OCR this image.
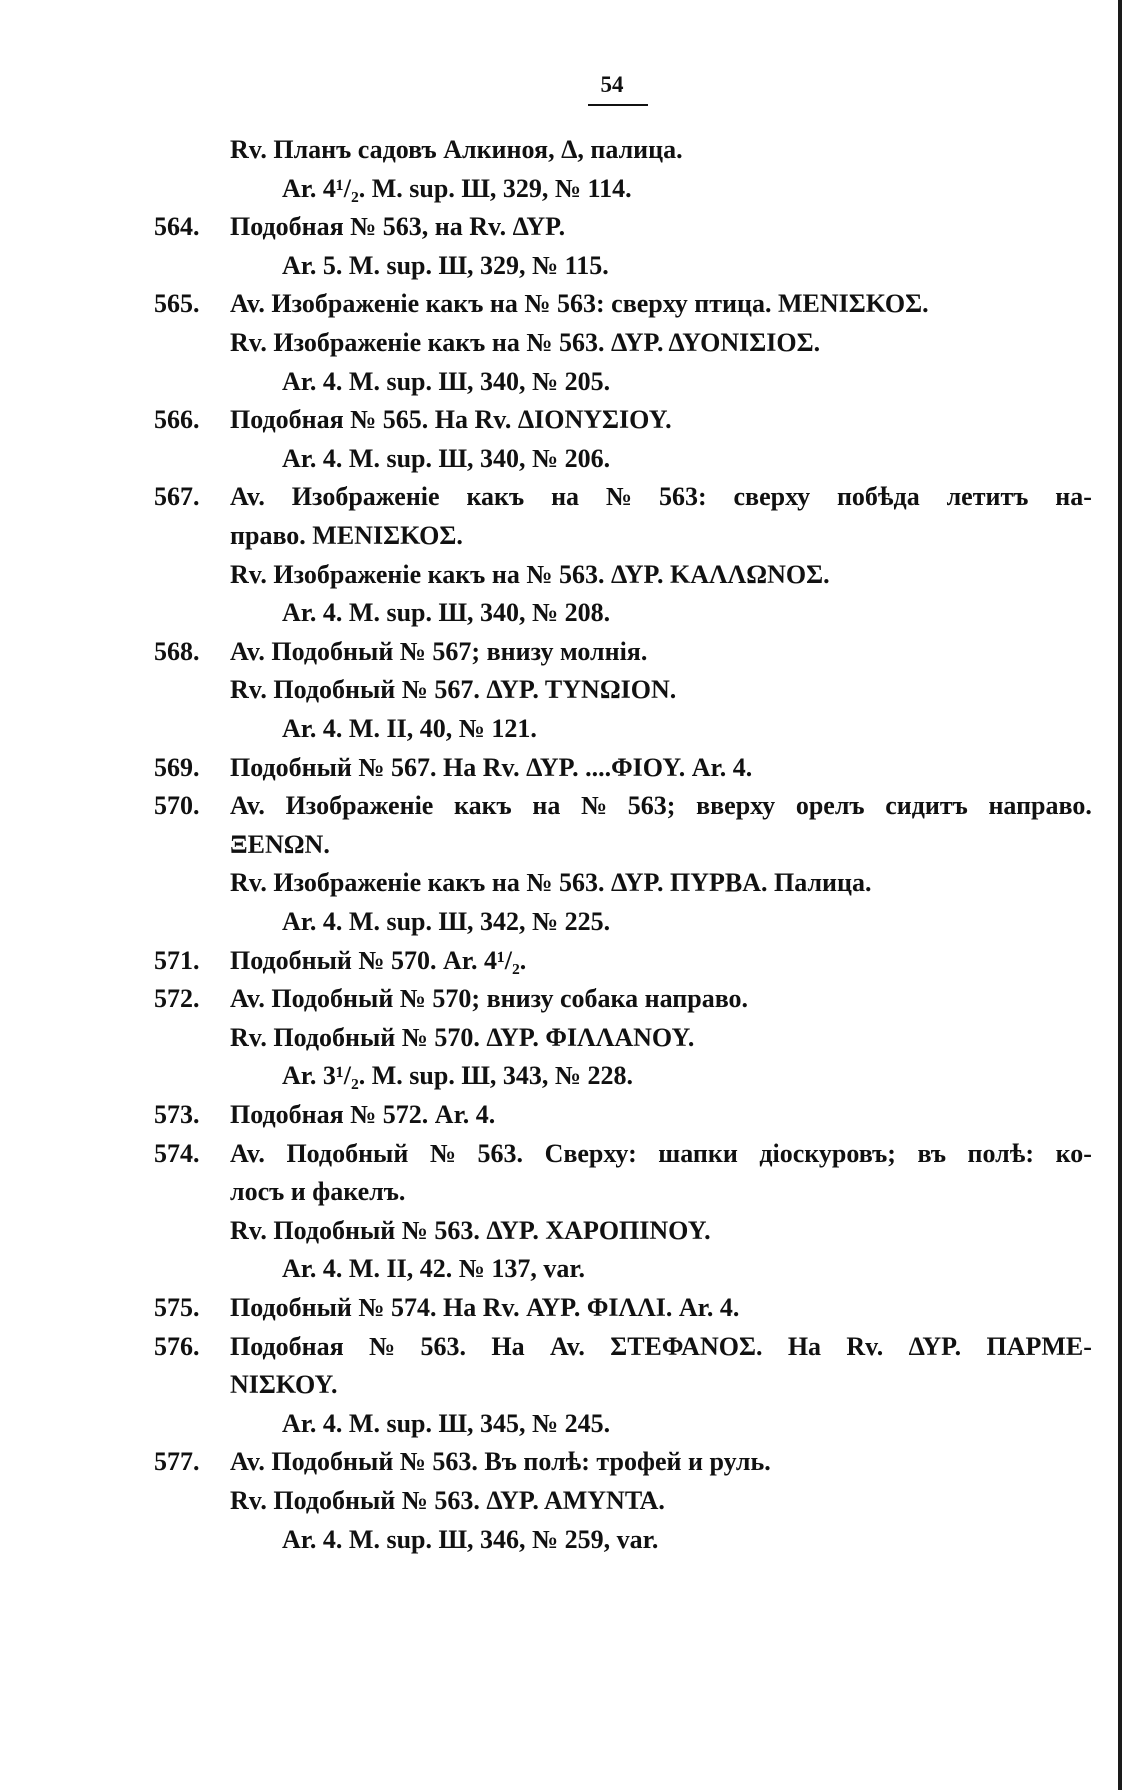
54
Rv. Планъ садовъ Алкиноя, Δ, палица.
Ar. 4¹/₂. M. sup. Ш, 329, № 114.
564. Подобная № 563, на Rv. ΔΥΡ.
Ar. 5. M. sup. Ш, 329, № 115.
565. Av. Изображеніе какъ на № 563: сверху птица. ΜΕΝΙΣΚΟΣ.
Rv. Изображеніе какъ на № 563. ΔΥΡ. ΔΥΟΝΙΣΙΟΣ.
Ar. 4. M. sup. Ш, 340, № 205.
566. Подобная № 565. На Rv. ΔΙΟΝΥΣΙΟΥ.
Ar. 4. M. sup. Ш, 340, № 206.
567. Av. Изображеніе какъ на № 563: сверху побѣда летитъ на-
право. ΜΕΝΙΣΚΟΣ.
Rv. Изображеніе какъ на № 563. ΔΥΡ. ΚΑΛΛΩΝΟΣ.
Ar. 4. M. sup. Ш, 340, № 208.
568. Av. Подобный № 567; внизу молнія.
Rv. Подобный № 567. ΔΥΡ. ΤΥΝΩΙΟΝ.
Ar. 4. M. II, 40, № 121.
569. Подобный № 567. На Rv. ΔΥΡ. ....ΦΙΟΥ. Ar. 4.
570. Av. Изображеніе какъ на № 563; вверху орелъ сидитъ направо.
ΞΕΝΩΝ.
Rv. Изображеніе какъ на № 563. ΔΥΡ. ΠΥΡΒΑ. Палица.
Ar. 4. M. sup. Ш, 342, № 225.
571. Подобный № 570. Ar. 4¹/₂.
572. Av. Подобный № 570; внизу собака направо.
Rv. Подобный № 570. ΔΥΡ. ΦΙΛΛΑΝΟΥ.
Ar. 3¹/₂. M. sup. Ш, 343, № 228.
573. Подобная № 572. Ar. 4.
574. Av. Подобный № 563. Сверху: шапки діоскуровъ; въ полѣ: ко-
лосъ и факелъ.
Rv. Подобный № 563. ΔΥΡ. ΧΑΡΟΠΙΝΟΥ.
Ar. 4. M. II, 42. № 137, var.
575. Подобный № 574. На Rv. ΑΥΡ. ΦΙΛΛΙ. Ar. 4.
576. Подобная № 563. На Av. ΣΤΕΦΑΝΟΣ. На Rv. ΔΥΡ. ΠΑΡΜΕ-
ΝΙΣΚΟΥ.
Ar. 4. M. sup. Ш, 345, № 245.
577. Av. Подобный № 563. Въ полѣ: трофей и руль.
Rv. Подобный № 563. ΔΥΡ. ΑΜΥΝΤΑ.
Ar. 4. M. sup. Ш, 346, № 259, var.
